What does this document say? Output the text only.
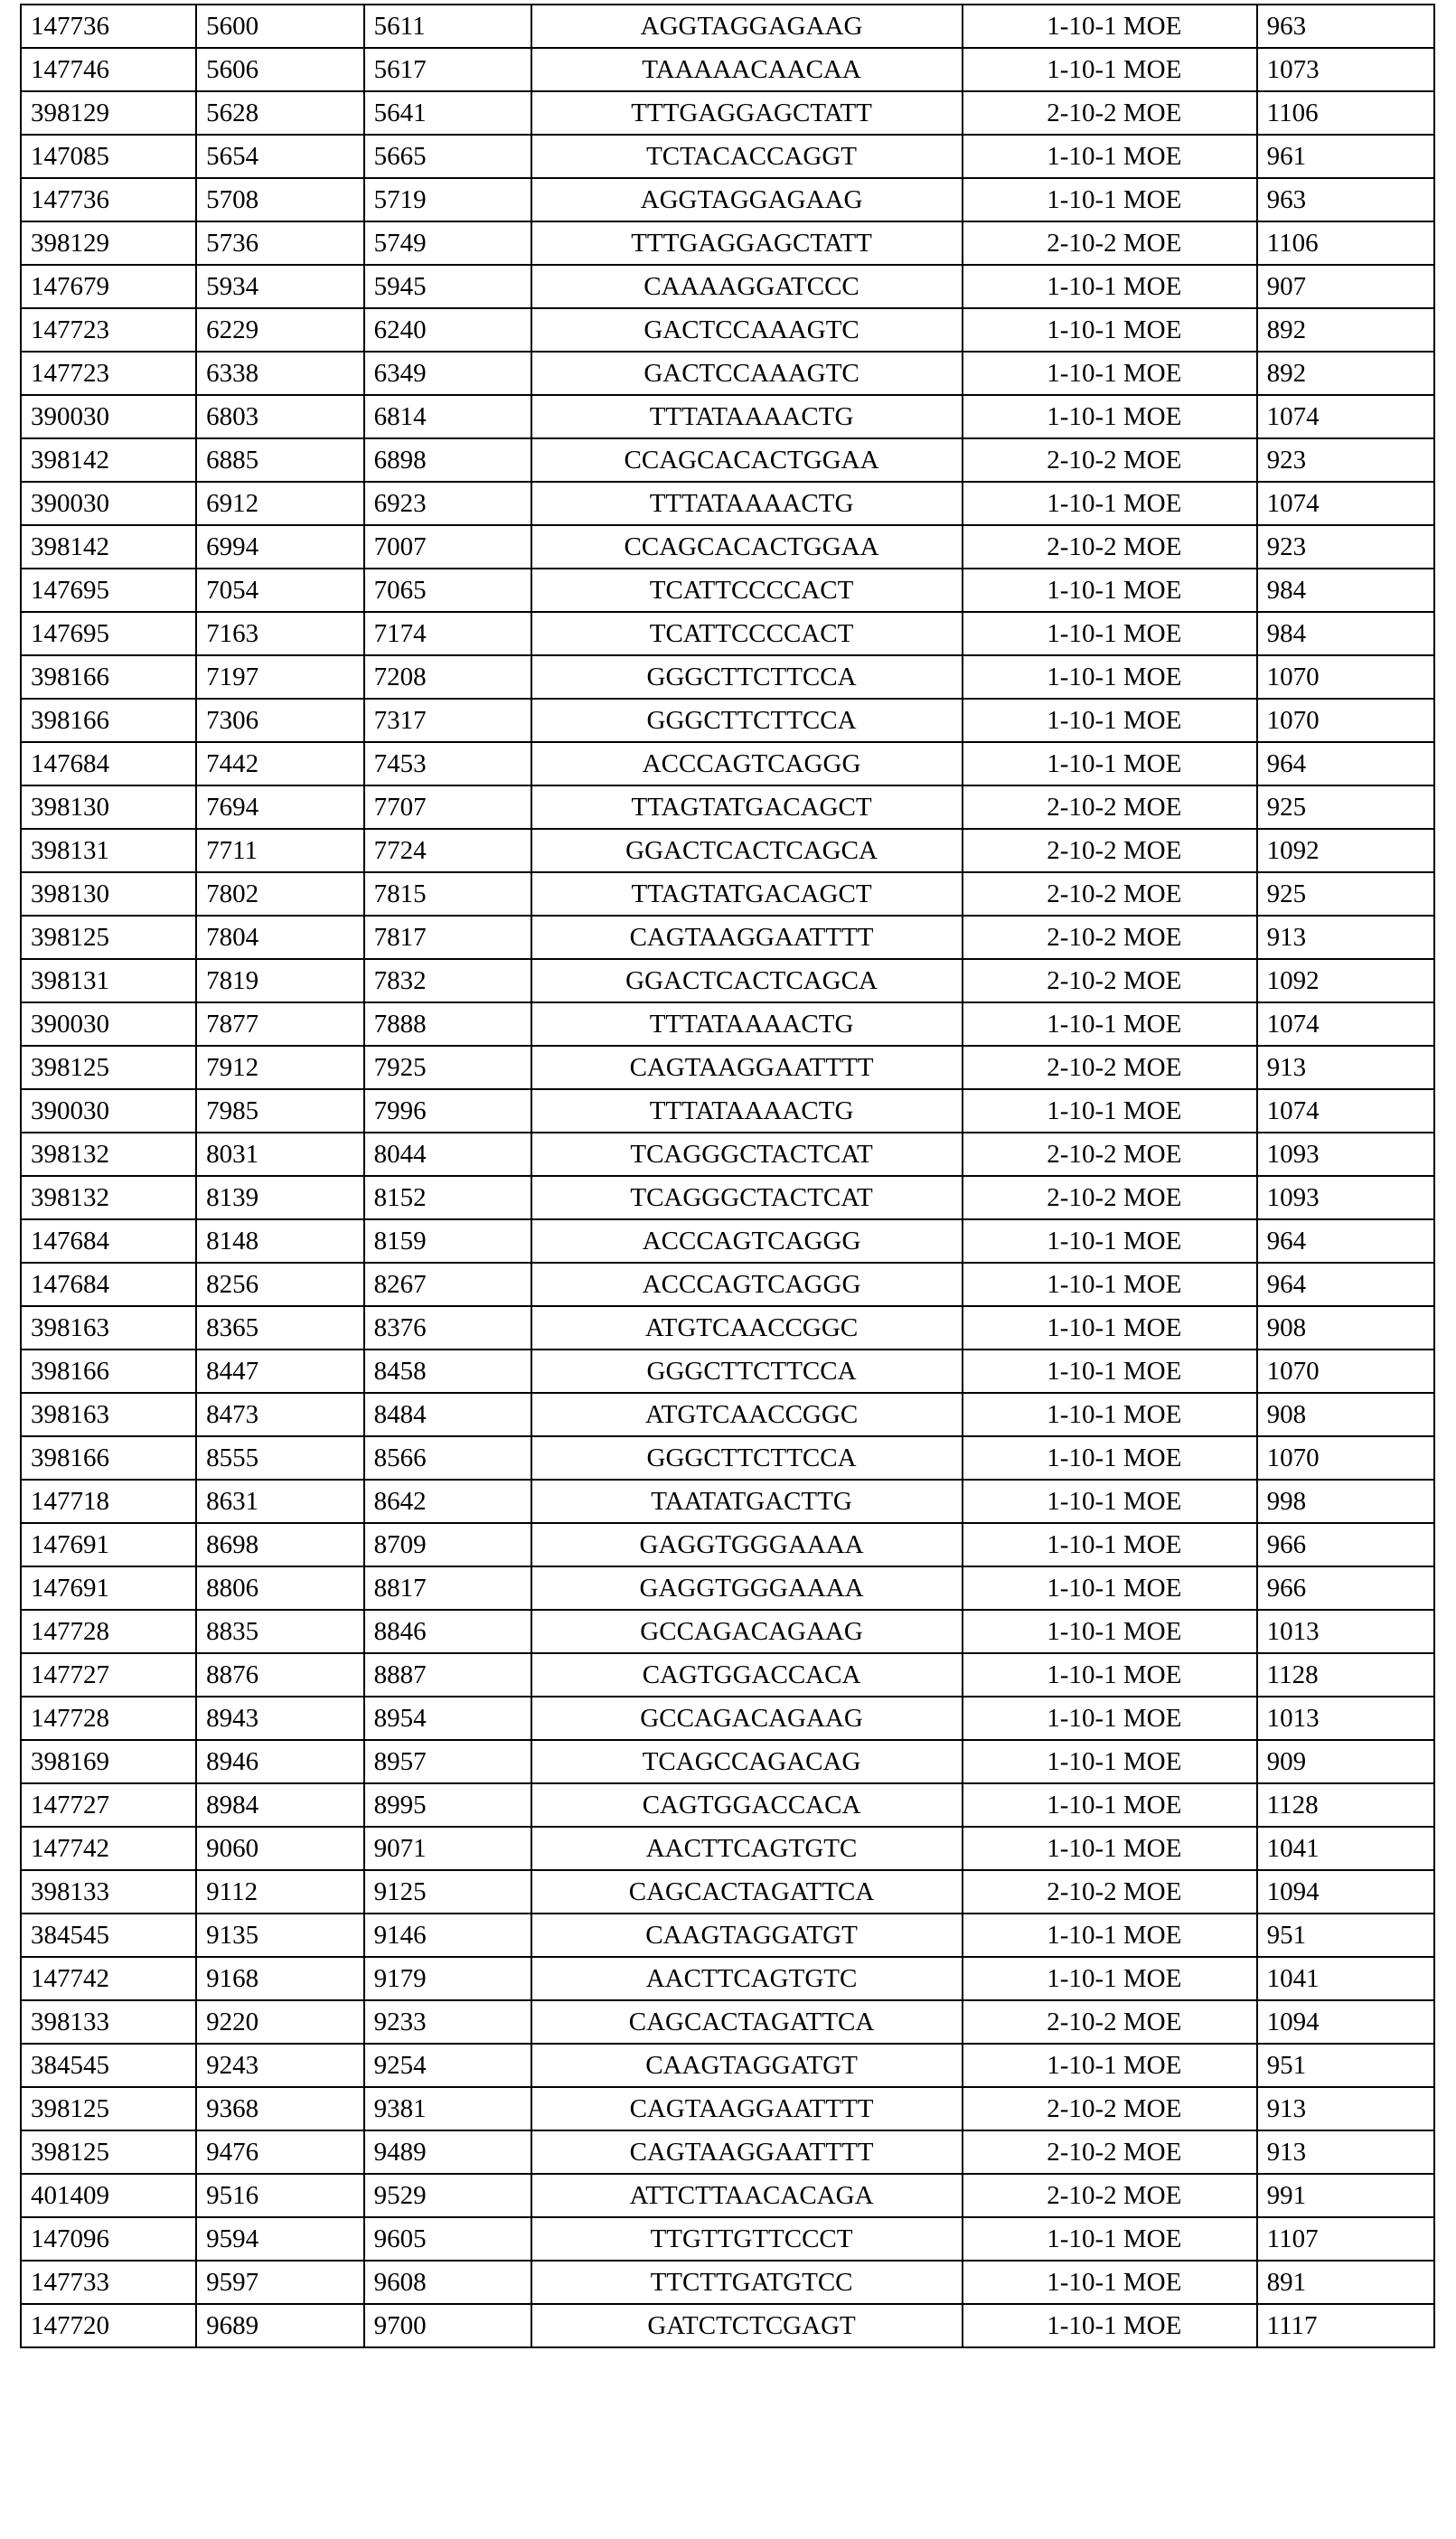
147736	5600	5611	AGGTAGGAGAAG	1-10-1 MOE	963
147746	5606	5617	TAAAAACAACAA	1-10-1 MOE	1073
398129	5628	5641	TTTGAGGAGCTATT	2-10-2 MOE	1106
147085	5654	5665	TCTACACCAGGT	1-10-1 MOE	961
147736	5708	5719	AGGTAGGAGAAG	1-10-1 MOE	963
398129	5736	5749	TTTGAGGAGCTATT	2-10-2 MOE	1106
147679	5934	5945	CAAAAGGATCCC	1-10-1 MOE	907
147723	6229	6240	GACTCCAAAGTC	1-10-1 MOE	892
147723	6338	6349	GACTCCAAAGTC	1-10-1 MOE	892
390030	6803	6814	TTTATAAAACTG	1-10-1 MOE	1074
398142	6885	6898	CCAGCACACTGGAA	2-10-2 MOE	923
390030	6912	6923	TTTATAAAACTG	1-10-1 MOE	1074
398142	6994	7007	CCAGCACACTGGAA	2-10-2 MOE	923
147695	7054	7065	TCATTCCCCACT	1-10-1 MOE	984
147695	7163	7174	TCATTCCCCACT	1-10-1 MOE	984
398166	7197	7208	GGGCTTCTTCCA	1-10-1 MOE	1070
398166	7306	7317	GGGCTTCTTCCA	1-10-1 MOE	1070
147684	7442	7453	ACCCAGTCAGGG	1-10-1 MOE	964
398130	7694	7707	TTAGTATGACAGCT	2-10-2 MOE	925
398131	7711	7724	GGACTCACTCAGCA	2-10-2 MOE	1092
398130	7802	7815	TTAGTATGACAGCT	2-10-2 MOE	925
398125	7804	7817	CAGTAAGGAATTTT	2-10-2 MOE	913
398131	7819	7832	GGACTCACTCAGCA	2-10-2 MOE	1092
390030	7877	7888	TTTATAAAACTG	1-10-1 MOE	1074
398125	7912	7925	CAGTAAGGAATTTT	2-10-2 MOE	913
390030	7985	7996	TTTATAAAACTG	1-10-1 MOE	1074
398132	8031	8044	TCAGGGCTACTCAT	2-10-2 MOE	1093
398132	8139	8152	TCAGGGCTACTCAT	2-10-2 MOE	1093
147684	8148	8159	ACCCAGTCAGGG	1-10-1 MOE	964
147684	8256	8267	ACCCAGTCAGGG	1-10-1 MOE	964
398163	8365	8376	ATGTCAACCGGC	1-10-1 MOE	908
398166	8447	8458	GGGCTTCTTCCA	1-10-1 MOE	1070
398163	8473	8484	ATGTCAACCGGC	1-10-1 MOE	908
398166	8555	8566	GGGCTTCTTCCA	1-10-1 MOE	1070
147718	8631	8642	TAATATGACTTG	1-10-1 MOE	998
147691	8698	8709	GAGGTGGGAAAA	1-10-1 MOE	966
147691	8806	8817	GAGGTGGGAAAA	1-10-1 MOE	966
147728	8835	8846	GCCAGACAGAAG	1-10-1 MOE	1013
147727	8876	8887	CAGTGGACCACA	1-10-1 MOE	1128
147728	8943	8954	GCCAGACAGAAG	1-10-1 MOE	1013
398169	8946	8957	TCAGCCAGACAG	1-10-1 MOE	909
147727	8984	8995	CAGTGGACCACA	1-10-1 MOE	1128
147742	9060	9071	AACTTCAGTGTC	1-10-1 MOE	1041
398133	9112	9125	CAGCACTAGATTCA	2-10-2 MOE	1094
384545	9135	9146	CAAGTAGGATGT	1-10-1 MOE	951
147742	9168	9179	AACTTCAGTGTC	1-10-1 MOE	1041
398133	9220	9233	CAGCACTAGATTCA	2-10-2 MOE	1094
384545	9243	9254	CAAGTAGGATGT	1-10-1 MOE	951
398125	9368	9381	CAGTAAGGAATTTT	2-10-2 MOE	913
398125	9476	9489	CAGTAAGGAATTTT	2-10-2 MOE	913
401409	9516	9529	ATTCTTAACACAGA	2-10-2 MOE	991
147096	9594	9605	TTGTTGTTCCCT	1-10-1 MOE	1107
147733	9597	9608	TTCTTGATGTCC	1-10-1 MOE	891
147720	9689	9700	GATCTCTCGAGT	1-10-1 MOE	1117
